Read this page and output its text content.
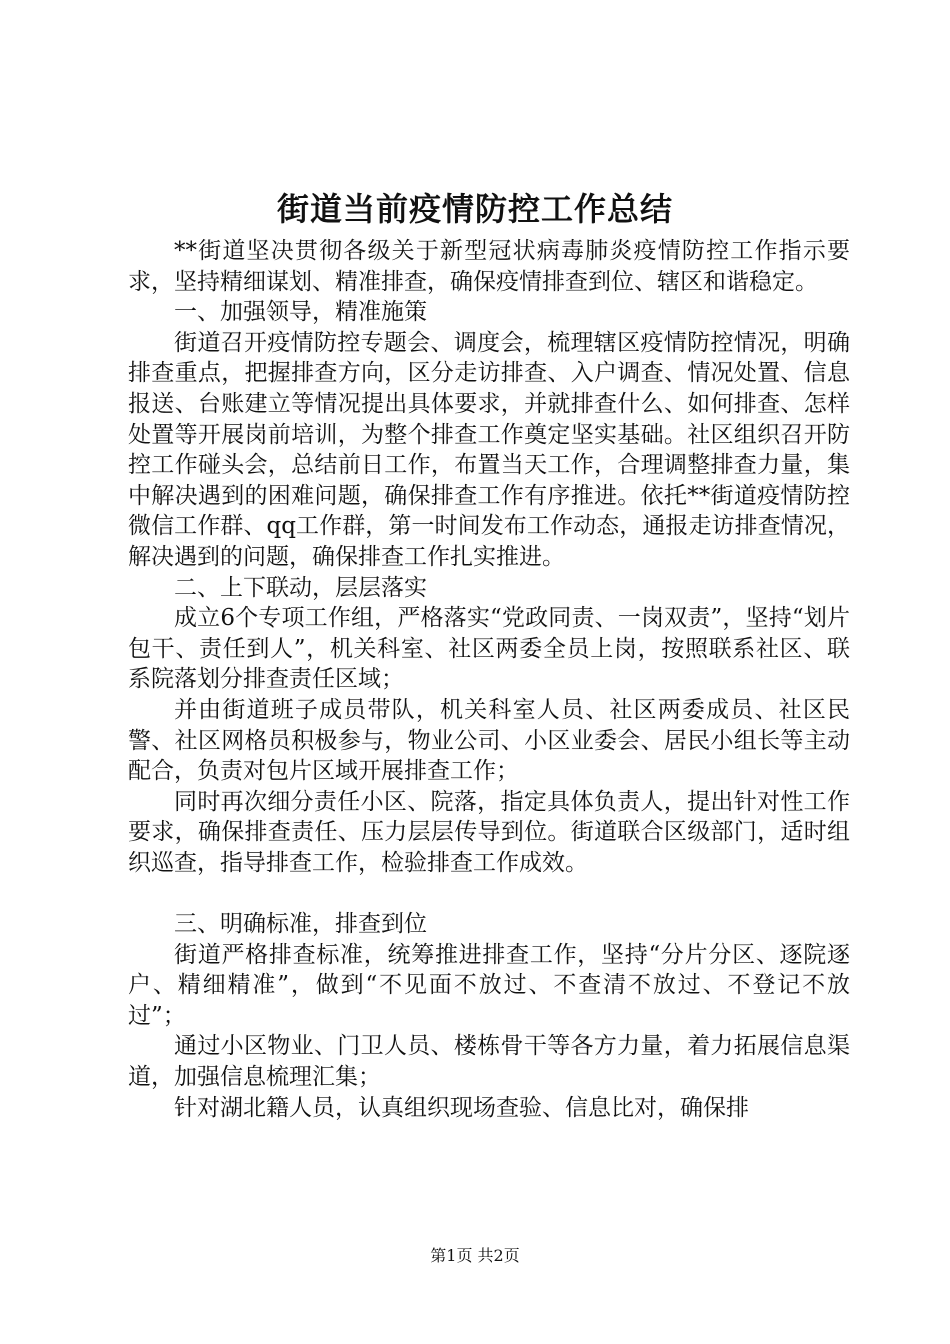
街道当前疫情防控工作总结

**街道坚决贯彻各级关于新型冠状病毒肺炎疫情防控工作指示要求，坚持精细谋划、精准排查，确保疫情排查到位、辖区和谐稳定。

一、加强领导，精准施策

街道召开疫情防控专题会、调度会，梳理辖区疫情防控情况，明确排查重点，把握排查方向，区分走访排查、入户调查、情况处置、信息报送、台账建立等情况提出具体要求，并就排查什么、如何排查、怎样处置等开展岗前培训，为整个排查工作奠定坚实基础。社区组织召开防控工作碰头会，总结前日工作，布置当天工作，合理调整排查力量，集中解决遇到的困难问题，确保排查工作有序推进。依托**街道疫情防控微信工作群、qq工作群，第一时间发布工作动态，通报走访排查情况，解决遇到的问题，确保排查工作扎实推进。

二、上下联动，层层落实

成立6个专项工作组，严格落实“党政同责、一岗双责”，坚持“划片包干、责任到人”，机关科室、社区两委全员上岗，按照联系社区、联系院落划分排查责任区域；

并由街道班子成员带队，机关科室人员、社区两委成员、社区民警、社区网格员积极参与，物业公司、小区业委会、居民小组长等主动配合，负责对包片区域开展排查工作；

同时再次细分责任小区、院落，指定具体负责人，提出针对性工作要求，确保排查责任、压力层层传导到位。街道联合区级部门，适时组织巡查，指导排查工作，检验排查工作成效。

三、明确标准，排查到位

街道严格排查标准，统筹推进排查工作，坚持“分片分区、逐院逐户、精细精准”，做到“不见面不放过、不查清不放过、不登记不放过”；

通过小区物业、门卫人员、楼栋骨干等各方力量，着力拓展信息渠道，加强信息梳理汇集；

针对湖北籍人员，认真组织现场查验、信息比对，确保排

第1页 共2页
